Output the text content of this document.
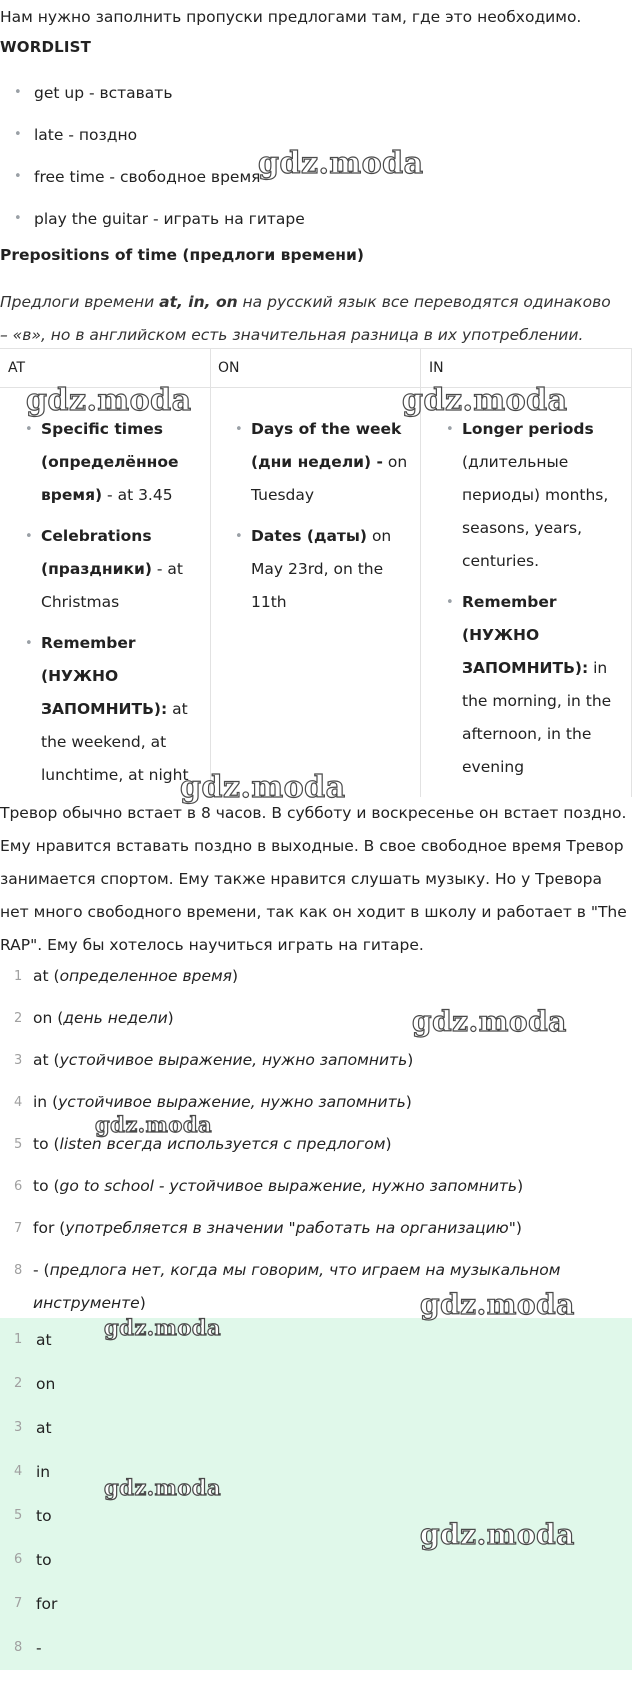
Нам нужно заполнить пропуски предлогами там, где это необходимо.
WORDLIST
• get up - вставать
• late - поздно
• free time - свободное время
• play the guitar - играть на гитаре
Prepositions of time (предлоги времени)
Предлоги времени at, in, on на русский язык все переводятся одинаково – «в», но в английском есть значительная разница в их употреблении.
AT
• Specific times (определённое время) - at 3.45
• Celebrations (праздники) - at Christmas
• Remember (НУЖНО ЗАПОМНИТЬ): at the weekend, at lunchtime, at night
ON
• Days of the week (дни недели) - on Tuesday
• Dates (даты) on May 23rd, on the 11th
IN
• Longer periods (длительные периоды) months, seasons, years, centuries.
• Remember (НУЖНО ЗАПОМНИТЬ): in the morning, in the afternoon, in the evening
Тревор обычно встает в 8 часов. В субботу и воскресенье он встает поздно. Ему нравится вставать поздно в выходные. В свое свободное время Тревор занимается спортом. Ему также нравится слушать музыку. Но у Тревора нет много свободного времени, так как он ходит в школу и работает в "The RAP". Ему бы хотелось научиться играть на гитаре.
1 at (определенное время)
2 on (день недели)
3 at (устойчивое выражение, нужно запомнить)
4 in (устойчивое выражение, нужно запомнить)
5 to (listen всегда используется с предлогом)
6 to (go to school - устойчивое выражение, нужно запомнить)
7 for (употребляется в значении "работать на организацию")
8 - (предлога нет, когда мы говорим, что играем на музыкальном инструменте)
1 at
2 on
3 at
4 in
5 to
6 to
7 for
8 -
gdz.moda
gdz.moda	gdz.moda
gdz.moda
gdz.moda
gdz.moda
gdz.moda
gdz.moda
gdz.moda
gdz.moda
